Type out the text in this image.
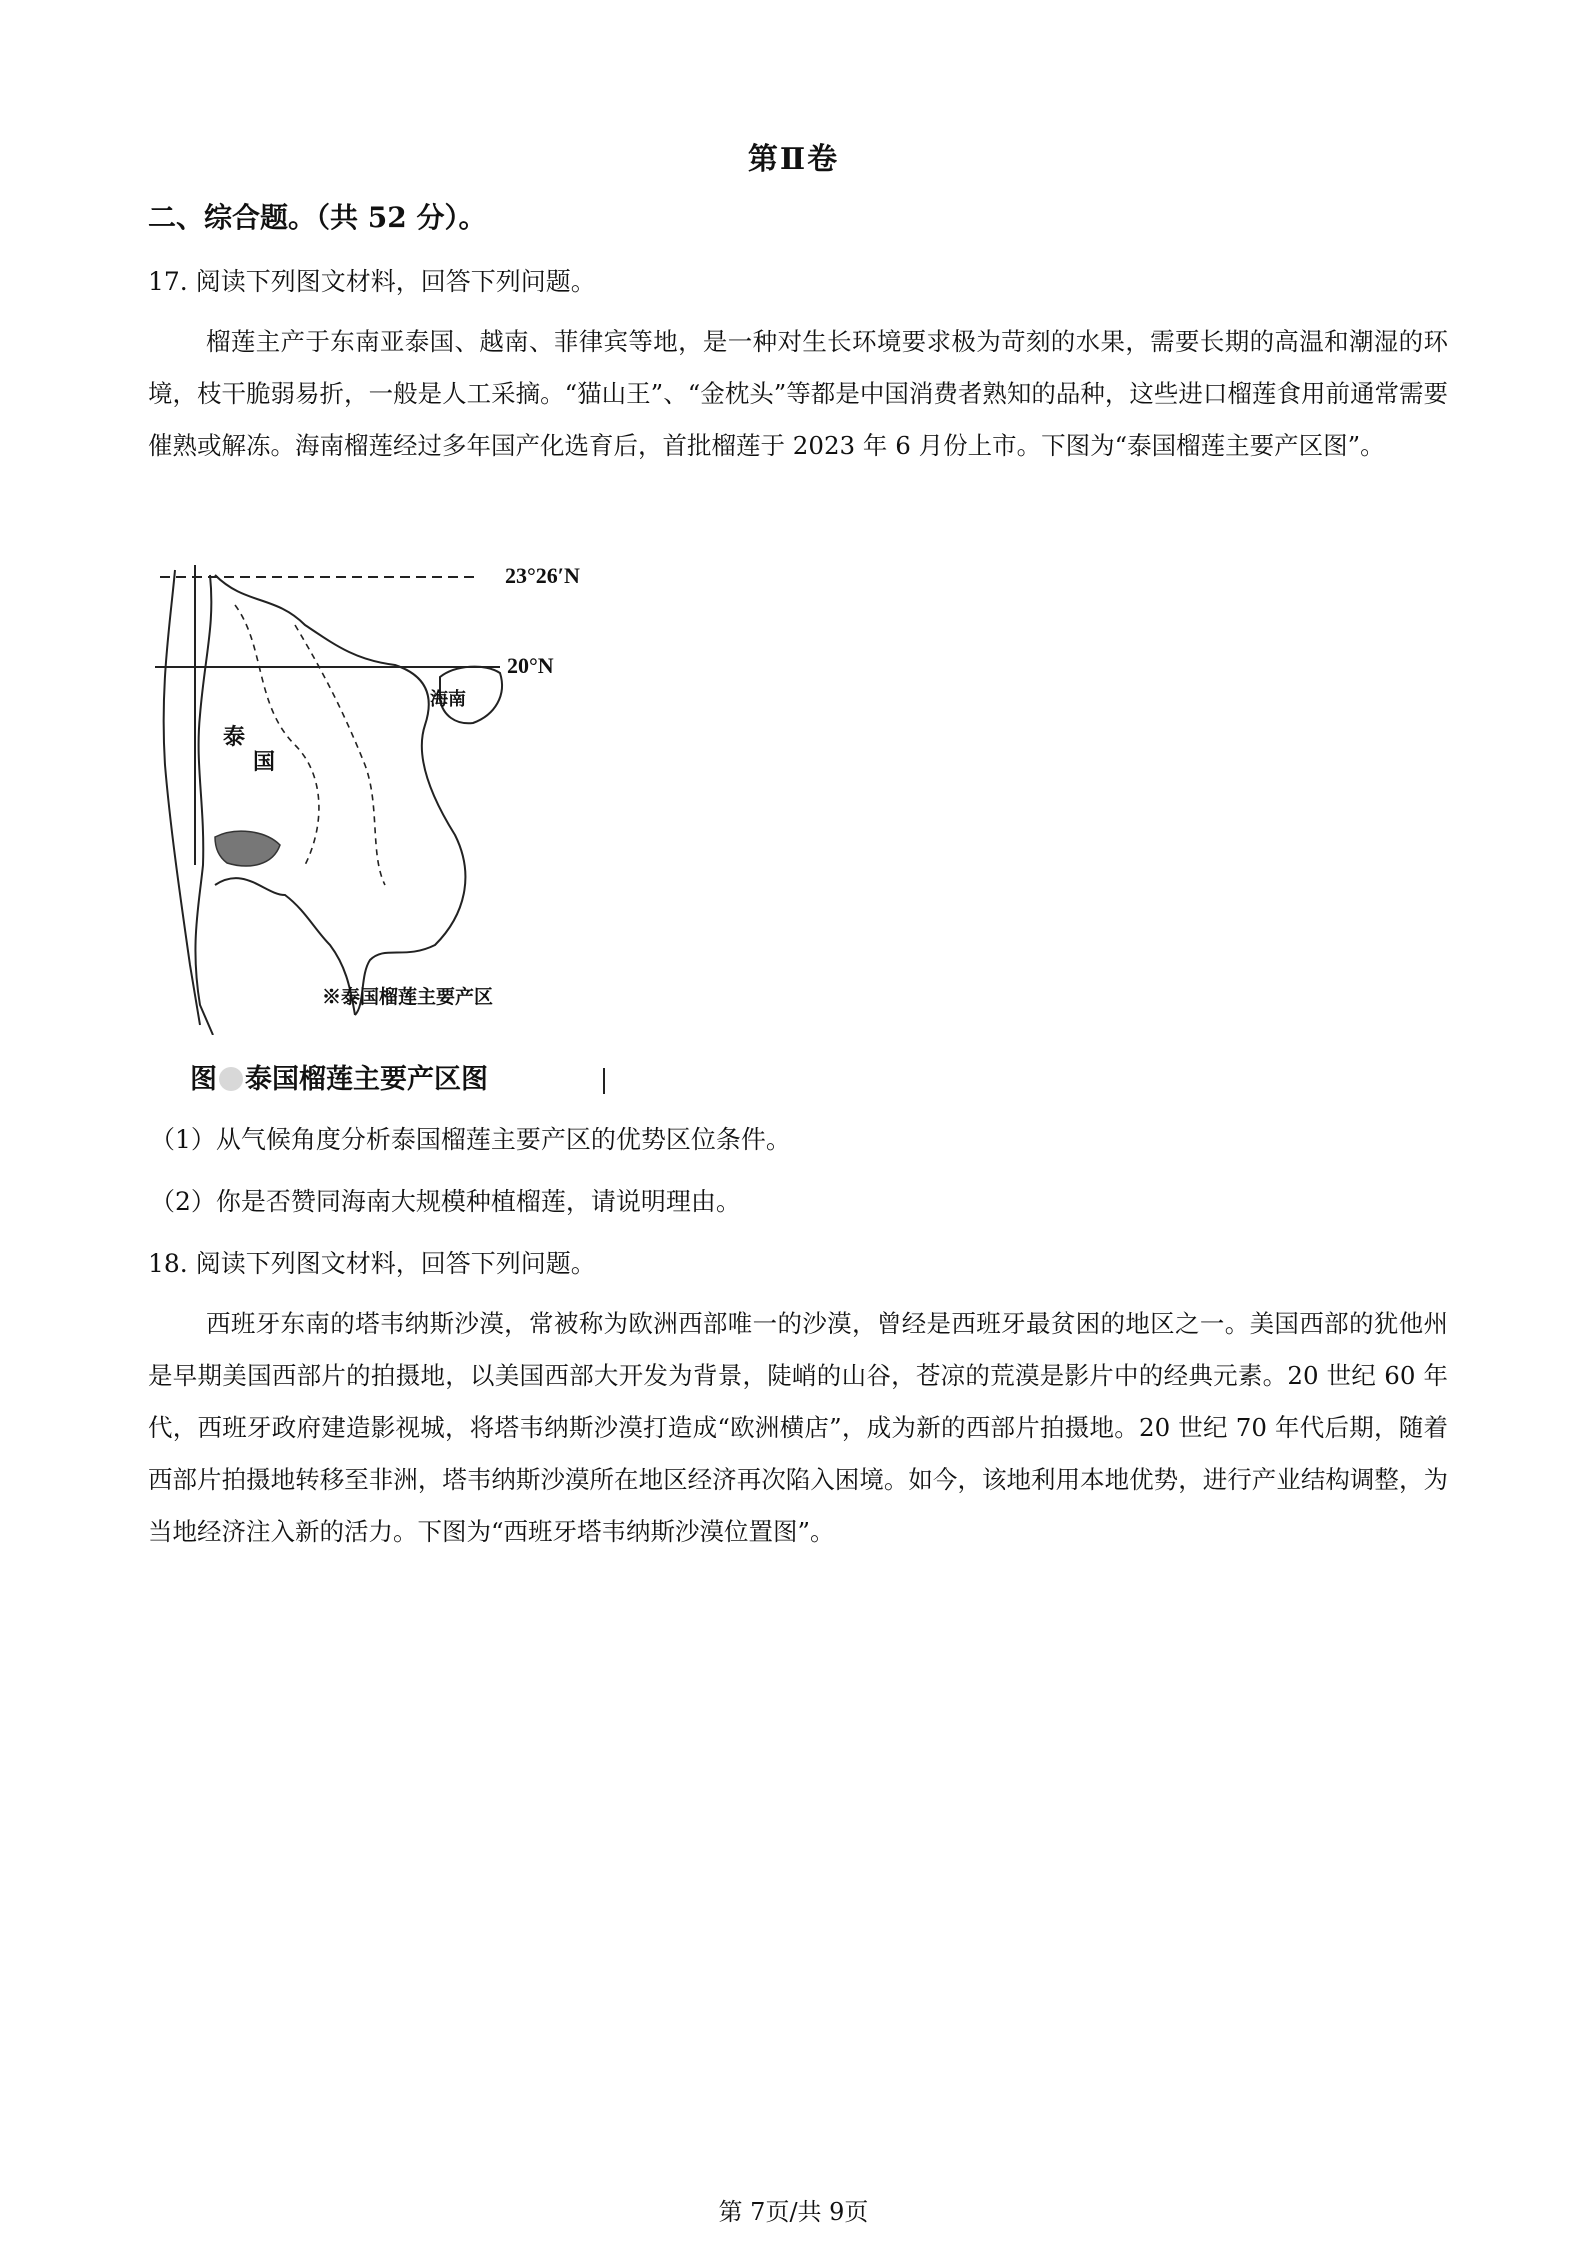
第Ⅱ卷
二、综合题。（共 52 分）。
17. 阅读下列图文材料，回答下列问题。

榴莲主产于东南亚泰国、越南、菲律宾等地，是一种对生长环境要求极为苛刻的水果，需要长期的高温和潮湿的环境，枝干脆弱易折，一般是人工采摘。“猫山王”、“金枕头”等都是中国消费者熟知的品种，这些进口榴莲食用前通常需要催熟或解冻。海南榴莲经过多年国产化选育后，首批榴莲于 2023 年 6 月份上市。下图为“泰国榴莲主要产区图”。

23°26′N
20°N
海南
泰
国
※泰国榴莲主要产区
图 泰国榴莲主要产区图
（1）从气候角度分析泰国榴莲主要产区的优势区位条件。
（2）你是否赞同海南大规模种植榴莲，请说明理由。
18. 阅读下列图文材料，回答下列问题。

西班牙东南的塔韦纳斯沙漠，常被称为欧洲西部唯一的沙漠，曾经是西班牙最贫困的地区之一。美国西部的犹他州是早期美国西部片的拍摄地，以美国西部大开发为背景，陡峭的山谷，苍凉的荒漠是影片中的经典元素。20 世纪 60 年代，西班牙政府建造影视城，将塔韦纳斯沙漠打造成“欧洲横店”，成为新的西部片拍摄地。20 世纪 70 年代后期，随着西部片拍摄地转移至非洲，塔韦纳斯沙漠所在地区经济再次陷入困境。如今，该地利用本地优势，进行产业结构调整，为当地经济注入新的活力。下图为“西班牙塔韦纳斯沙漠位置图”。

第 7页/共 9页
